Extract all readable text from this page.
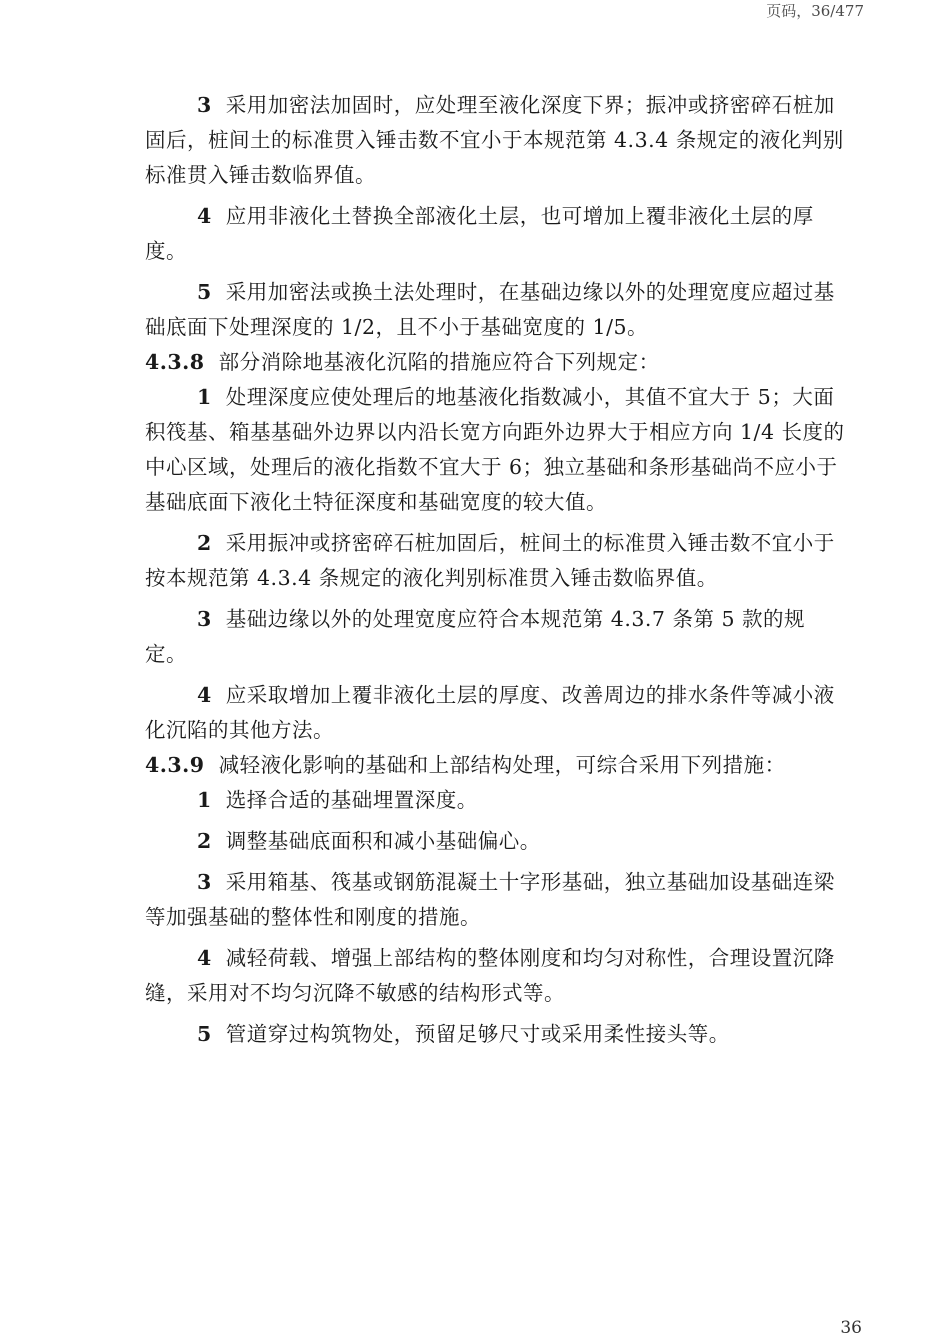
页码，36/477

3 采用加密法加固时，应处理至液化深度下界；振冲或挤密碎石桩加固后，桩间土的标准贯入锤击数不宜小于本规范第 4.3.4 条规定的液化判别标准贯入锤击数临界值。

4 应用非液化土替换全部液化土层，也可增加上覆非液化土层的厚度。

5 采用加密法或换土法处理时，在基础边缘以外的处理宽度应超过基础底面下处理深度的 1/2，且不小于基础宽度的 1/5。

4.3.8 部分消除地基液化沉陷的措施应符合下列规定：

1 处理深度应使处理后的地基液化指数减小，其值不宜大于 5；大面积筏基、箱基基础外边界以内沿长宽方向距外边界大于相应方向 1/4 长度的中心区域，处理后的液化指数不宜大于 6；独立基础和条形基础尚不应小于基础底面下液化土特征深度和基础宽度的较大值。

2 采用振冲或挤密碎石桩加固后，桩间土的标准贯入锤击数不宜小于按本规范第 4.3.4 条规定的液化判别标准贯入锤击数临界值。

3 基础边缘以外的处理宽度应符合本规范第 4.3.7 条第 5 款的规定。

4 应采取增加上覆非液化土层的厚度、改善周边的排水条件等减小液化沉陷的其他方法。

4.3.9 减轻液化影响的基础和上部结构处理，可综合采用下列措施：

1 选择合适的基础埋置深度。

2 调整基础底面积和减小基础偏心。

3 采用箱基、筏基或钢筋混凝土十字形基础，独立基础加设基础连梁等加强基础的整体性和刚度的措施。

4 减轻荷载、增强上部结构的整体刚度和均匀对称性，合理设置沉降缝，采用对不均匀沉降不敏感的结构形式等。

5 管道穿过构筑物处，预留足够尺寸或采用柔性接头等。

36
